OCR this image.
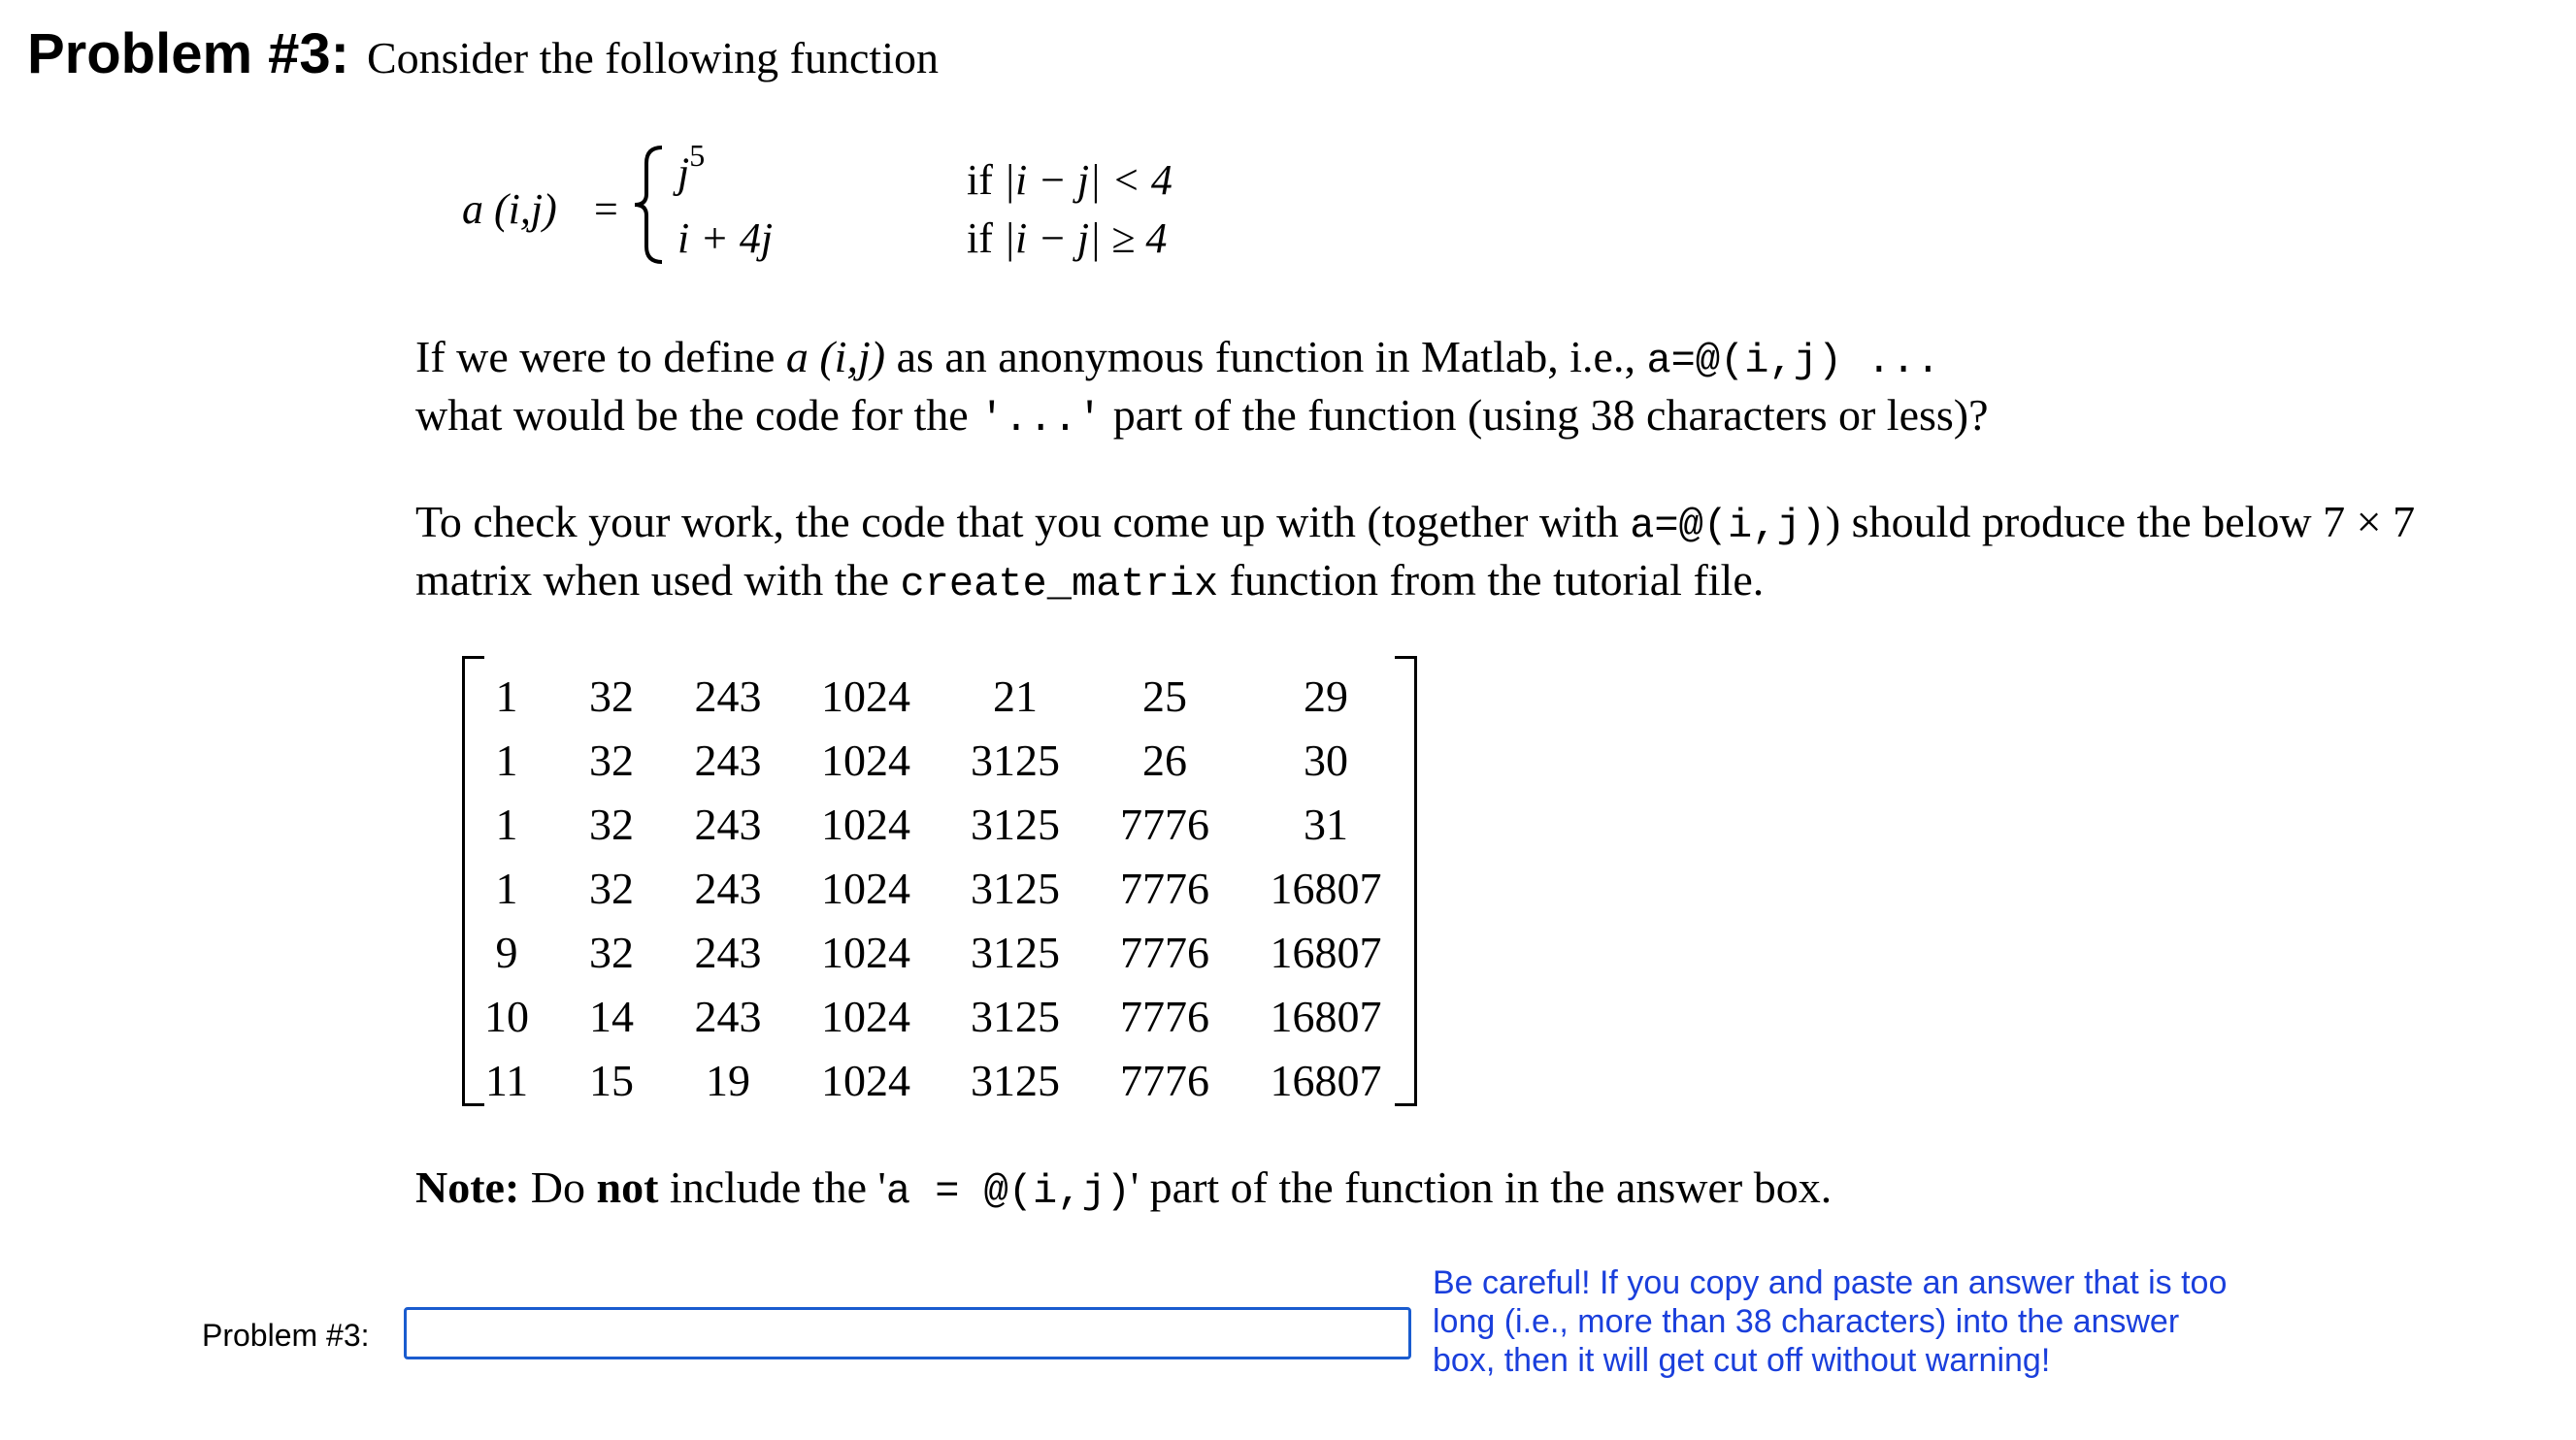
Problem #3: Consider the following function
a (i,j) =
$j^5$
if |i − j| < 4
i + 4j	if |i − j| ≥ 4
If we were to define a (i,j) as an anonymous function in Matlab, i.e., a=@(i,j) ...
what would be the code for the '...' part of the function (using 38 characters or less)?
To check your work, the code that you come up with (together with a=@(i,j)) should produce the below 7 × 7
matrix when used with the create_matrix function from the tutorial file.
1	32	243	1024	21	25	29
1	32	243	1024	3125	26	30
1	32	243	1024	3125	7776	31
1	32	243	1024	3125	7776	16807
9	32	243	1024	3125	7776	16807
10	14	243	1024	3125	7776	16807
11	15	19	1024	3125	7776	16807
Note: Do not include the 'a = @(i,j)' part of the function in the answer box.
Problem #3:
Be careful! If you copy and paste an answer that is too long (i.e., more than 38 characters) into the answer box, then it will get cut off without warning!
